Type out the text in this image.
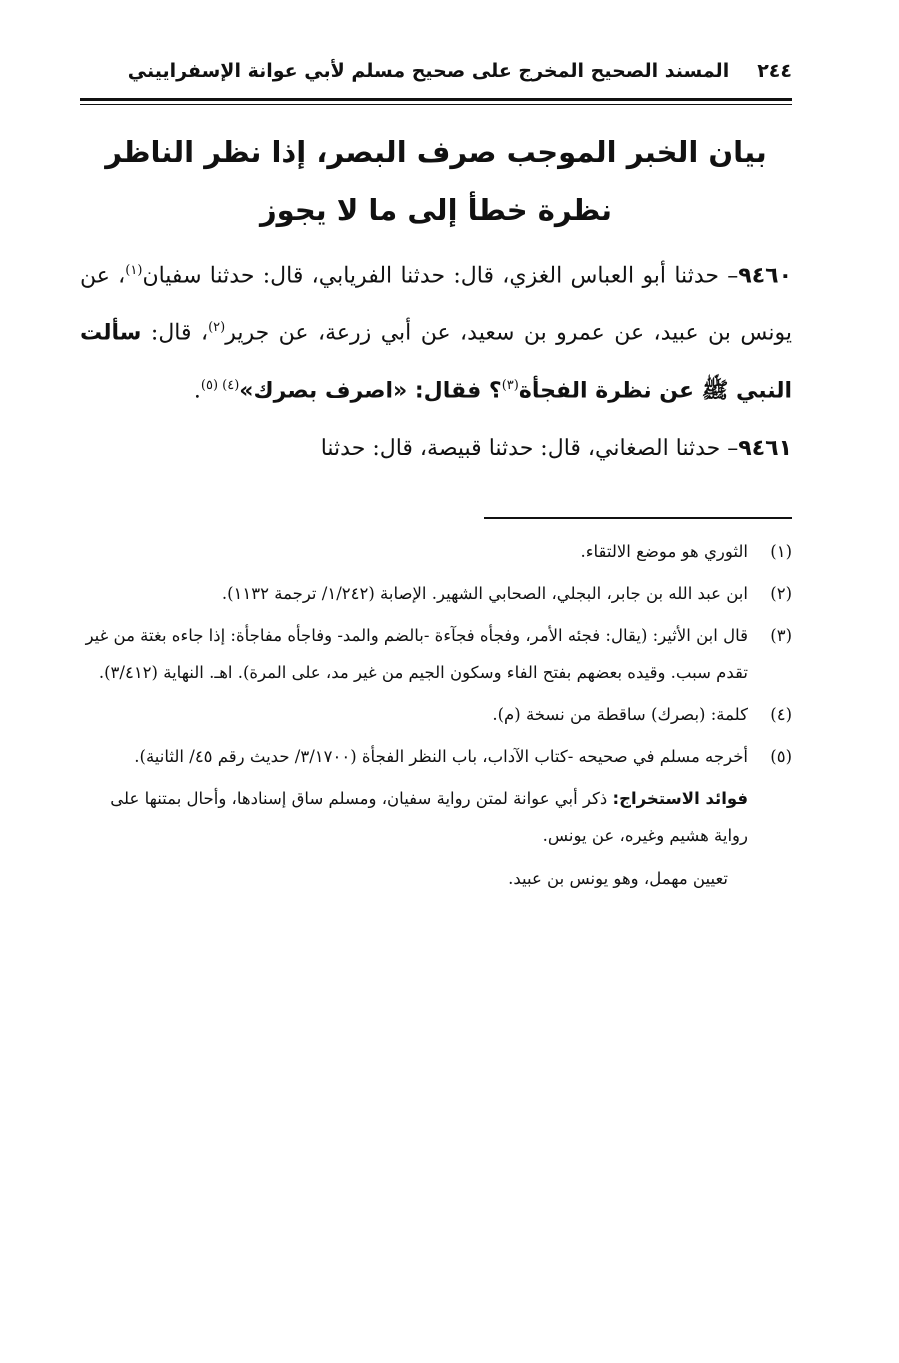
٢٤٤
المسند الصحيح المخرج على صحيح مسلم لأبي عوانة الإسفراييني
بيان الخبر الموجب صرف البصر، إذا نظر الناظر نظرة خطأ إلى ما لا يجوز
٩٤٦٠– حدثنا أبو العباس الغزي، قال: حدثنا الفريابي، قال: حدثنا سفيان$^{(١)}$، عن يونس بن عبيد، عن عمرو بن سعيد، عن أبي زرعة، عن جرير$^{(٢)}$، قال: سألت النبي ﷺ عن نظرة الفجأة$^{(٣)}$؟ فقال: «اصرف بصرك»$^{(٤) (٥)}$.
٩٤٦١– حدثنا الصغاني، قال: حدثنا قبيصة، قال: حدثنا
(١)الثوري هو موضع الالتقاء.
(٢)ابن عبد الله بن جابر، البجلي، الصحابي الشهير. الإصابة (١/٢٤٢/ ترجمة ١١٣٢).
(٣)قال ابن الأثير: (يقال: فجئه الأمر، وفجأه فجآءة -بالضم والمد- وفاجأه مفاجأة: إذا جاءه بغتة من غير تقدم سبب. وقيده بعضهم بفتح الفاء وسكون الجيم من غير مد، على المرة). اهـ. النهاية (٣/٤١٢).
(٤)كلمة: (بصرك) ساقطة من نسخة (م).
(٥)أخرجه مسلم في صحيحه -كتاب الآداب، باب النظر الفجأة (٣/١٧٠٠/ حديث رقم ٤٥/ الثانية).

فوائد الاستخراج: ذكر أبي عوانة لمتن رواية سفيان، ومسلم ساق إسنادها، وأحال بمتنها على رواية هشيم وغيره، عن يونس.

تعيين مهمل، وهو يونس بن عبيد.
